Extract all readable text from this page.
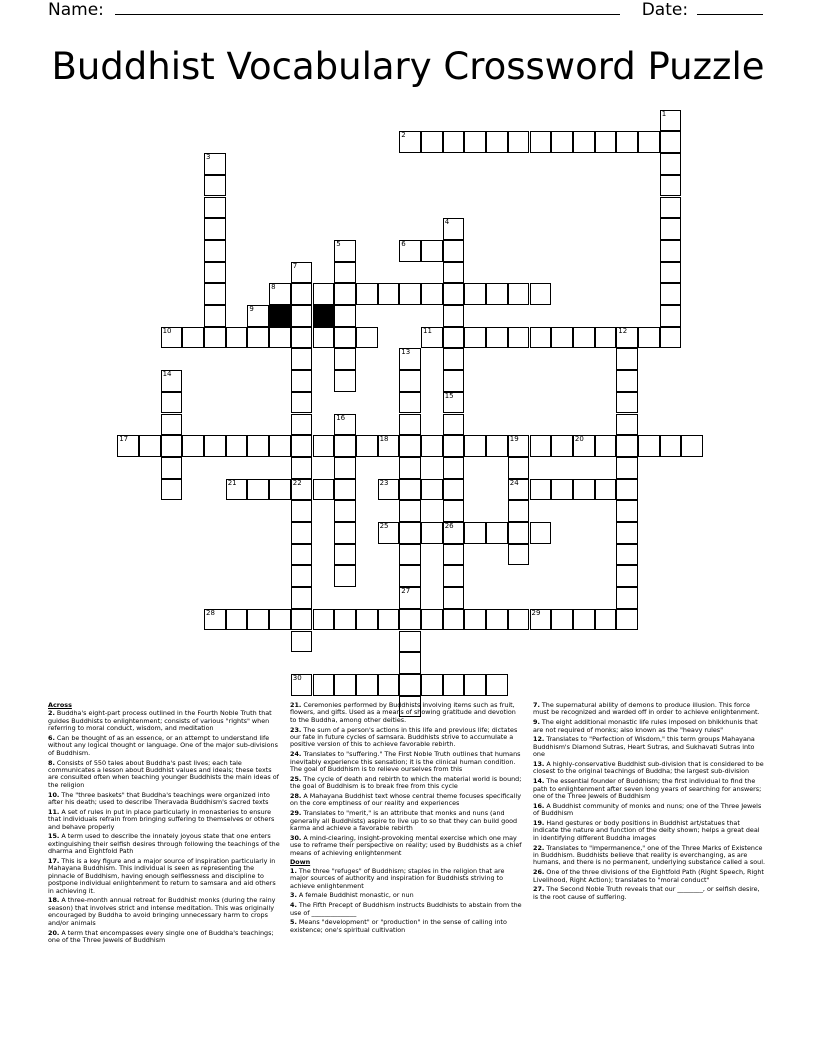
Name:	Date:
Buddhist Vocabulary Crossword Puzzle
2
6
8
9
10	11	12
19	20
17	18
21	22	23	24
25	26
28	29
30
1
3
4
15
5
7
13
27
14
16

Across

2. Buddha's eight-part process outlined in the Fourth Noble Truth that guides Buddhists to enlightenment; consists of various "rights" when referring to moral conduct, wisdom, and meditation

6. Can be thought of as an essence, or an attempt to understand life without any logical thought or language. One of the major sub-divisions of Buddhism.

8. Consists of 550 tales about Buddha's past lives; each tale communicates a lesson about Buddhist values and ideals; these texts are consulted often when teaching younger Buddhists the main ideas of the religion

10. The "three baskets" that Buddha's teachings were organized into after his death; used to describe Theravada Buddhism's sacred texts

11. A set of rules in put in place particularly in monasteries to ensure that individuals refrain from bringing suffering to themselves or others and behave properly

15. A term used to describe the innately joyous state that one enters extinguishing their selfish desires through following the teachings of the dharma and Eightfold Path

17. This is a key figure and a major source of inspiration particularly in Mahayana Buddhism. This individual is seen as representing the pinnacle of Buddhism, having enough selflessness and discipline to postpone individual enlightenment to return to samsara and aid others in achieving it.

18. A three-month annual retreat for Buddhist monks (during the rainy season) that involves strict and intense meditation. This was originally encouraged by Buddha to avoid bringing unnecessary harm to crops and/or animals

20. A term that encompasses every single one of Buddha's teachings; one of the Three Jewels of Buddhism

21. Ceremonies performed by Buddhists involving items such as fruit, flowers, and gifts. Used as a means of showing gratitude and devotion to the Buddha, among other deities.

23. The sum of a person's actions in this life and previous life; dictates our fate in future cycles of samsara. Buddhists strive to accumulate a positive version of this to achieve favorable rebirth.

24. Translates to "suffering." The First Noble Truth outlines that humans inevitably experience this sensation; it is the clinical human condition. The goal of Buddhism is to relieve ourselves from this

25. The cycle of death and rebirth to which the material world is bound; the goal of Buddhism is to break free from this cycle

28. A Mahayana Buddhist text whose central theme focuses specifically on the core emptiness of our reality and experiences

29. Translates to "merit," is an attribute that monks and nuns (and generally all Buddhists) aspire to live up to so that they can build good karma and achieve a favorable rebirth

30. A mind-clearing, insight-provoking mental exercise which one may use to reframe their perspective on reality; used by Buddhists as a chief means of achieving enlightenment

Down

1. The three "refuges" of Buddhism; staples in the religion that are major sources of authority and inspiration for Buddhists striving to achieve enlightenment

3. A female Buddhist monastic, or nun

4. The Fifth Precept of Buddhism instructs Buddhists to abstain from the use of ______________

5. Means "development" or "production" in the sense of calling into existence; one's spiritual cultivation

7. The supernatural ability of demons to produce illusion. This force must be recognized and warded off in order to achieve enlightenment.

9. The eight additional monastic life rules imposed on bhikkhunis that are not required of monks; also known as the "heavy rules"

12. Translates to "Perfection of Wisdom," this term groups Mahayana Buddhism's Diamond Sutras, Heart Sutras, and Sukhavati Sutras into one

13. A highly-conservative Buddhist sub-division that is considered to be closest to the original teachings of Buddha; the largest sub-division

14. The essential founder of Buddhism; the first individual to find the path to enlightenment after seven long years of searching for answers; one of the Three Jewels of Buddhism

16. A Buddhist community of monks and nuns; one of the Three Jewels of Buddhism

19. Hand gestures or body positions in Buddhist art/statues that indicate the nature and function of the deity shown; helps a great deal in identifying different Buddha images

22. Translates to "impermanence," one of the Three Marks of Existence in Buddhism. Buddhists believe that reality is everchanging, as are humans, and there is no permanent, underlying substance called a soul.

26. One of the three divisions of the Eightfold Path (Right Speech, Right Livelihood, Right Action); translates to "moral conduct"

27. The Second Noble Truth reveals that our ________, or selfish desire, is the root cause of suffering.
